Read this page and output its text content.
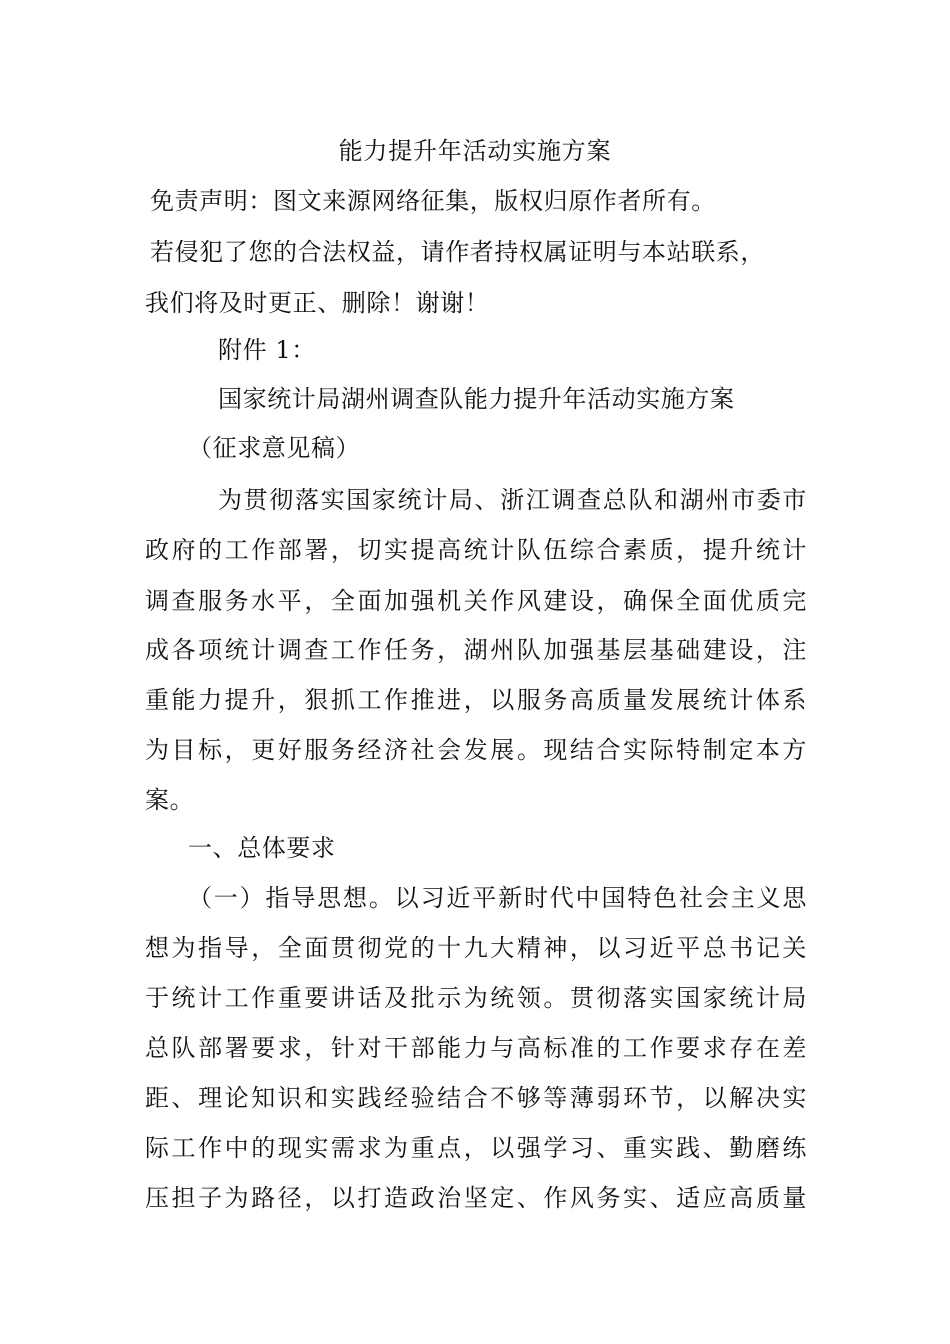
能力提升年活动实施方案
免责声明：图文来源网络征集，版权归原作者所有。
若侵犯了您的合法权益，请作者持权属证明与本站联系，
我们将及时更正、删除！谢谢！
附件 1：
国家统计局湖州调查队能力提升年活动实施方案
（征求意见稿）
为贯彻落实国家统计局、浙江调查总队和湖州市委市
政府的工作部署，切实提高统计队伍综合素质，提升统计
调查服务水平，全面加强机关作风建设，确保全面优质完
成各项统计调查工作任务，湖州队加强基层基础建设，注
重能力提升，狠抓工作推进，以服务高质量发展统计体系
为目标，更好服务经济社会发展。现结合实际特制定本方
案。
一、总体要求
（一）指导思想。以习近平新时代中国特色社会主义思
想为指导，全面贯彻党的十九大精神，以习近平总书记关
于统计工作重要讲话及批示为统领。贯彻落实国家统计局
总队部署要求，针对干部能力与高标准的工作要求存在差
距、理论知识和实践经验结合不够等薄弱环节，以解决实
际工作中的现实需求为重点，以强学习、重实践、勤磨练
压担子为路径，以打造政治坚定、作风务实、适应高质量
